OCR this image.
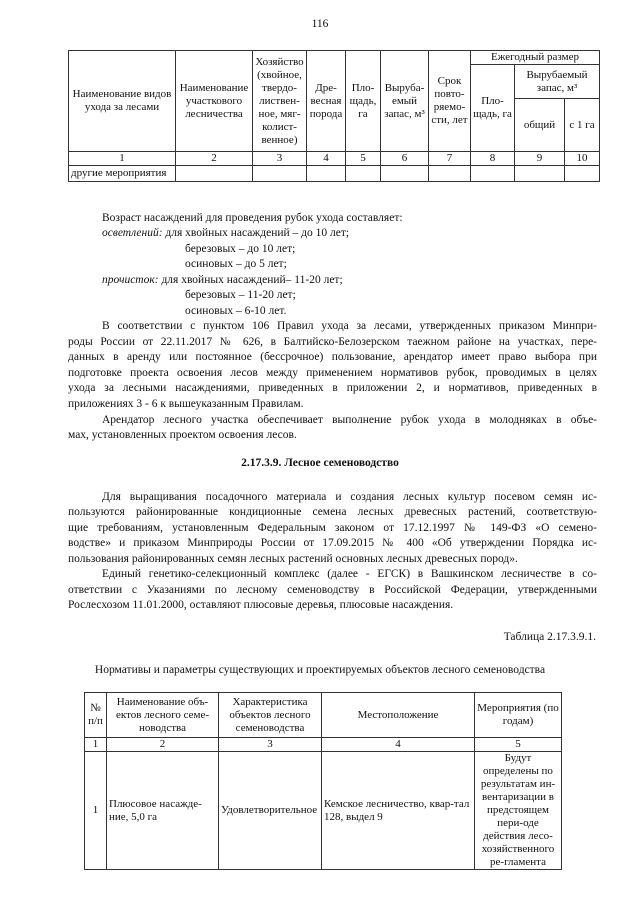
116
Наименование видов ухода за лесами	Наименование участкового лесничества	Хозяйство (хвойное, твердо-листвен-ное, мяг-колист-венное)	Дре-весная порода	Пло-щадь, га	Выруба-емый запас, м³	Срок повто-ряемо-сти, лет	Ежегодный размер		
							Пло-щадь, га	Вырубаемый запас, м³	
								общий	с 1 га
1	2	3	4	5	6	7	8	9	10
другие мероприятия									
Возраст насаждений для проведения рубок ухода составляет:
осветлений: для хвойных насаждений – до 10 лет;
березовых – до 10 лет;
осиновых – до 5 лет;
прочисток: для хвойных насаждений– 11-20 лет;
березовых – 11-20 лет;
осиновых – 6-10 лет.
В соответствии с пунктом 106 Правил ухода за лесами, утвержденных приказом Минпри-
роды России от 22.11.2017 № 626, в Балтийско-Белозерском таежном районе на участках, пере-
данных в аренду или постоянное (бессрочное) пользование, арендатор имеет право выбора при
подготовке проекта освоения лесов между применением нормативов рубок, проводимых в целях
ухода за лесными насаждениями, приведенных в приложении 2, и нормативов, приведенных в
приложениях 3 - 6 к вышеуказанным Правилам.
Арендатор лесного участка обеспечивает выполнение рубок ухода в молодняках в объе-
мах, установленных проектом освоения лесов.
2.17.3.9. Лесное семеноводство
Для выращивания посадочного материала и создания лесных культур посевом семян ис-
пользуются районированные кондиционные семена лесных древесных растений, соответствую-
щие требованиям, установленным Федеральным законом от 17.12.1997 № 149-ФЗ «О семено-
водстве» и приказом Минприроды России от 17.09.2015 № 400 «Об утверждении Порядка ис-
пользования районированных семян лесных растений основных лесных древесных пород».
Единый генетико-селекционный комплекс (далее - ЕГСК) в Вашкинском лесничестве в со-
ответствии с Указаниями по лесному семеноводству в Российской Федерации, утвержденными
Рослесхозом 11.01.2000, оставляют плюсовые деревья, плюсовые насаждения.
Таблица 2.17.3.9.1.
Нормативы и параметры существующих и проектируемых объектов лесного семеноводства
№ п/п	Наименование объ-ектов лесного семе-новодства	Характеристика объектов лесного семеноводства	Местоположение	Мероприятия (по годам)
1	2	3	4	5
1	Плюсовое насажде-ние, 5,0 га	Удовлетворительное	Кемское лесничество, квар-тал 128, выдел 9	Будут определены по результатам ин-вентаризации в предстоящем пери-оде действия лесо-хозяйственного ре-гламента
